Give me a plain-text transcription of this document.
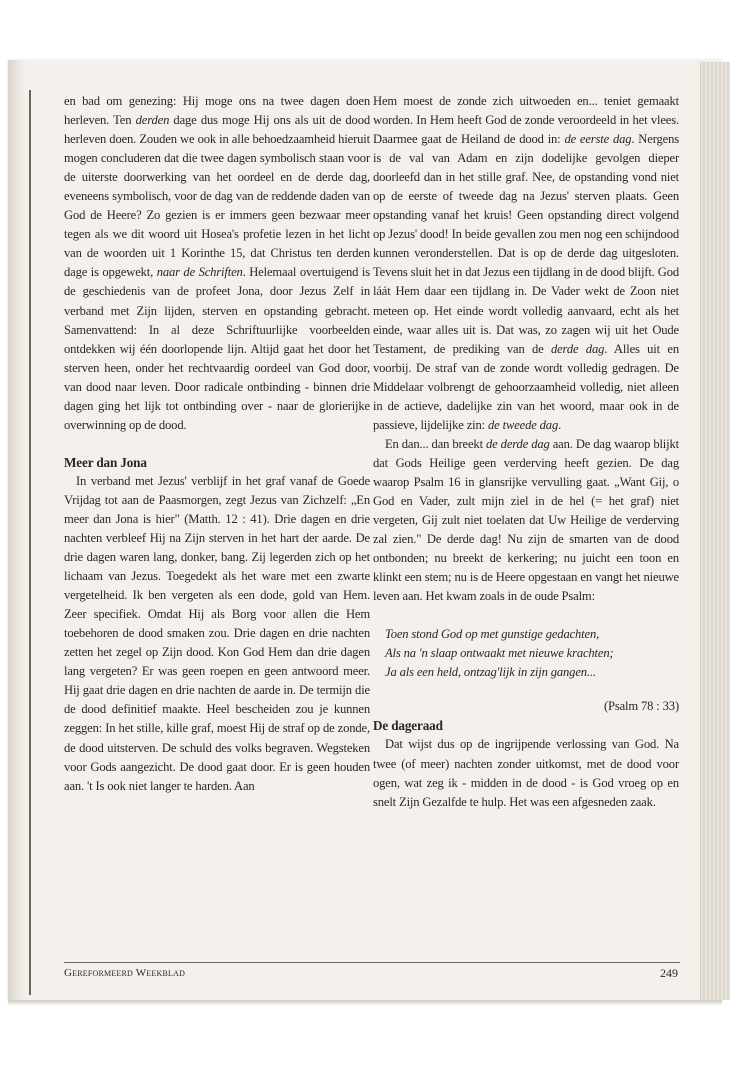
en bad om genezing: Hij moge ons na twee dagen doen herleven. Ten derden dage dus moge Hij ons als uit de dood herleven doen. Zouden we ook in alle behoedzaamheid hieruit mogen concluderen dat die twee dagen symbolisch staan voor de uiterste doorwerking van het oordeel en de derde dag, eveneens symbolisch, voor de dag van de reddende daden van God de Heere? Zo gezien is er immers geen bezwaar meer tegen als we dit woord uit Hosea's profetie lezen in het licht van de woorden uit 1 Korinthe 15, dat Christus ten derden dage is opgewekt, naar de Schriften. Helemaal overtuigend is de geschiedenis van de profeet Jona, door Jezus Zelf in verband met Zijn lijden, sterven en opstanding gebracht. Samenvattend: In al deze Schriftuurlijke voorbeelden ontdekken wij één doorlopende lijn. Altijd gaat het door het sterven heen, onder het rechtvaardig oordeel van God door, van dood naar leven. Door radicale ontbinding - binnen drie dagen ging het lijk tot ontbinding over - naar de glorierijke overwinning op de dood.

Meer dan Jona

In verband met Jezus' verblijf in het graf vanaf de Goede Vrijdag tot aan de Paasmorgen, zegt Jezus van Zichzelf: „En meer dan Jona is hier" (Matth. 12 : 41). Drie dagen en drie nachten verbleef Hij na Zijn sterven in het hart der aarde. De drie dagen waren lang, donker, bang. Zij legerden zich op het lichaam van Jezus. Toegedekt als het ware met een zwarte vergetelheid. Ik ben vergeten als een dode, gold van Hem. Zeer specifiek. Omdat Hij als Borg voor allen die Hem toebehoren de dood smaken zou. Drie dagen en drie nachten zetten het zegel op Zijn dood. Kon God Hem dan drie dagen lang vergeten? Er was geen roepen en geen antwoord meer. Hij gaat drie dagen en drie nachten de aarde in. De termijn die de dood definitief maakte. Heel bescheiden zou je kunnen zeggen: In het stille, kille graf, moest Hij de straf op de zonde, de dood uitsterven. De schuld des volks begraven. Wegsteken voor Gods aangezicht. De dood gaat door. Er is geen houden aan. 't Is ook niet langer te harden. Aan

Hem moest de zonde zich uitwoeden en... teniet gemaakt worden. In Hem heeft God de zonde veroordeeld in het vlees. Daarmee gaat de Heiland de dood in: de eerste dag. Nergens is de val van Adam en zijn dodelijke gevolgen dieper doorleefd dan in het stille graf. Nee, de opstanding vond niet op de eerste of tweede dag na Jezus' sterven plaats. Geen opstanding vanaf het kruis! Geen opstanding direct volgend op Jezus' dood! In beide gevallen zou men nog een schijndood kunnen veronderstellen. Dat is op de derde dag uitgesloten. Tevens sluit het in dat Jezus een tijdlang in de dood blijft. God láát Hem daar een tijdlang in. De Vader wekt de Zoon niet meteen op. Het einde wordt volledig aanvaard, echt als het einde, waar alles uit is. Dat was, zo zagen wij uit het Oude Testament, de prediking van de derde dag. Alles uit en voorbij. De straf van de zonde wordt volledig gedragen. De Middelaar volbrengt de gehoorzaamheid volledig, niet alleen in de actieve, dadelijke zin van het woord, maar ook in de passieve, lijdelijke zin: de tweede dag.

En dan... dan breekt de derde dag aan. De dag waarop blijkt dat Gods Heilige geen verderving heeft gezien. De dag waarop Psalm 16 in glansrijke vervulling gaat. „Want Gij, o God en Vader, zult mijn ziel in de hel (= het graf) niet vergeten, Gij zult niet toelaten dat Uw Heilige de verderving zal zien." De derde dag! Nu zijn de smarten van de dood ontbonden; nu breekt de kerkering; nu juicht een toon en klinkt een stem; nu is de Heere opgestaan en vangt het nieuwe leven aan. Het kwam zoals in de oude Psalm:

Toen stond God op met gunstige gedachten,
Als na 'n slaap ontwaakt met nieuwe krachten;
Ja als een held, ontzag'lijk in zijn gangen...
(Psalm 78 : 33)
De dageraad

Dat wijst dus op de ingrijpende verlossing van God. Na twee (of meer) nachten zonder uitkomst, met de dood voor ogen, wat zeg ik - midden in de dood - is God vroeg op en snelt Zijn Gezalfde te hulp. Het was een afgesneden zaak.

Gereformeerd Weekblad	249
